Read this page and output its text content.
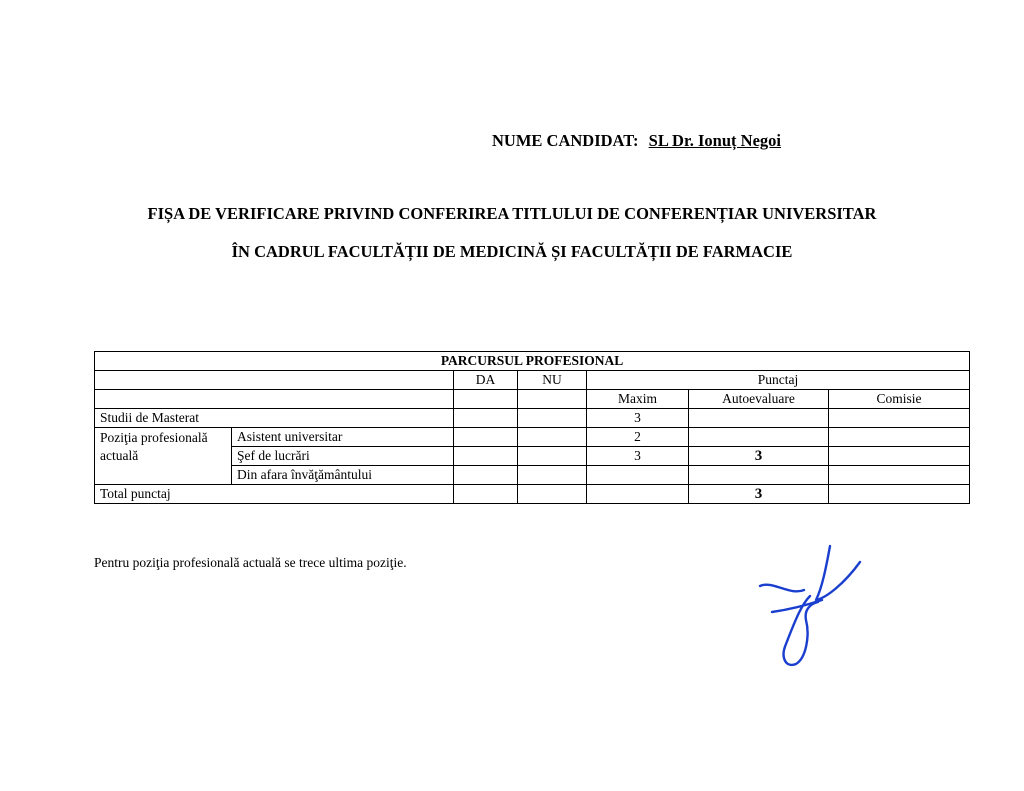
NUME CANDIDAT: SL Dr. Ionuț Negoi
FIȘA DE VERIFICARE PRIVIND CONFERIREA TITLULUI DE CONFERENȚIAR UNIVERSITAR
ÎN CADRUL FACULTĂȚII DE MEDICINĂ ȘI FACULTĂȚII DE FARMACIE
PARCURSUL PROFESIONAL						
		DA	NU	Punctaj		
				Maxim	Autoevaluare	Comisie
Studii de Masterat				3		
Poziţia profesională actuală	Asistent universitar			2		
	Şef de lucrări			3	3	
	Din afara învăţământului					
Total punctaj					3	
Pentru poziţia profesională actuală se trece ultima poziţie.
